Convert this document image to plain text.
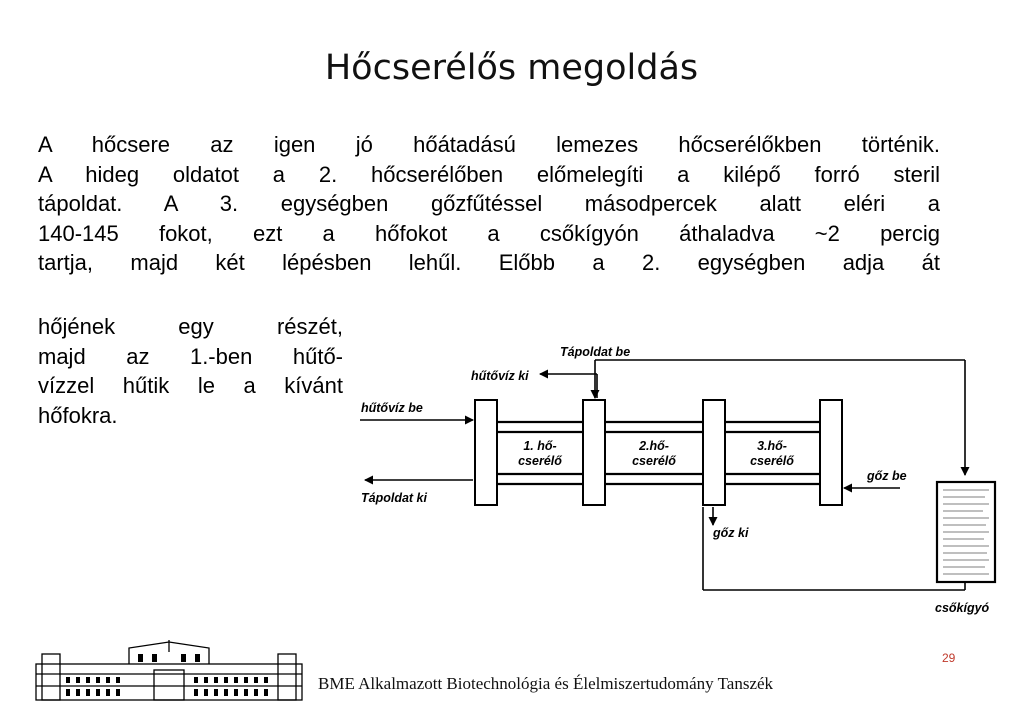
Hőcserélős megoldás
A hőcsere az igen jó hőátadású lemezes hőcserélőkben történik.
A hideg oldatot a 2. hőcserélőben előmelegíti a kilépő forró steril
tápoldat. A 3. egységben gőzfűtéssel másodpercek alatt eléri a
140-145 fokot, ezt a hőfokot a csőkígyón áthaladva ~2 percig
tartja, majd két lépésben lehűl. Előbb a 2. egységben adja át
hőjének egy részét,
majd az 1.-ben hűtő-
vízzel hűtik le a kívánt
hőfokra.
Tápoldat be
hűtővíz ki
hűtővíz be
Tápoldat ki
gőz be
gőz ki
csőkígyó
1. hő-
cserélő
2.hő-
cserélő
3.hő-
cserélő
BME Alkalmazott Biotechnológia és Élelmiszertudomány Tanszék
29
